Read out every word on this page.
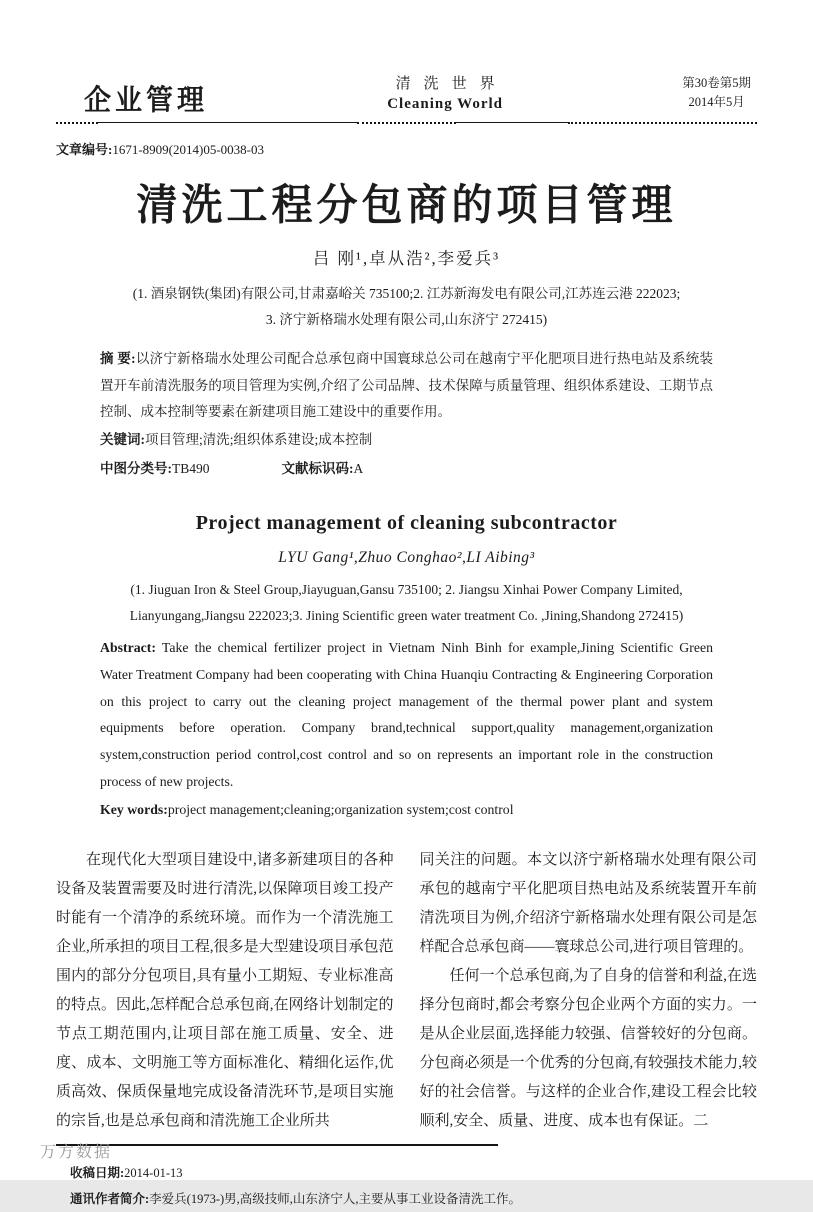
企业管理
清洗世界
Cleaning World
第30卷第5期
2014年5月
文章编号:1671-8909(2014)05-0038-03
清洗工程分包商的项目管理
吕 刚¹,卓从浩²,李爱兵³
(1. 酒泉钢铁(集团)有限公司,甘肃嘉峪关 735100;2. 江苏新海发电有限公司,江苏连云港 222023;
3. 济宁新格瑞水处理有限公司,山东济宁 272415)
摘 要:以济宁新格瑞水处理公司配合总承包商中国寰球总公司在越南宁平化肥项目进行热电站及系统装置开车前清洗服务的项目管理为实例,介绍了公司品牌、技术保障与质量管理、组织体系建设、工期节点控制、成本控制等要素在新建项目施工建设中的重要作用。
关键词:项目管理;清洗;组织体系建设;成本控制
中图分类号:TB490	文献标识码:A
Project management of cleaning subcontractor
LYU Gang¹,Zhuo Conghao²,LI Aibing³
(1. Jiuguan Iron & Steel Group,Jiayuguan,Gansu 735100; 2. Jiangsu Xinhai Power Company Limited, Lianyungang,Jiangsu 222023;3. Jining Scientific green water treatment Co. ,Jining,Shandong 272415)
Abstract: Take the chemical fertilizer project in Vietnam Ninh Binh for example,Jining Scientific Green Water Treatment Company had been cooperating with China Huanqiu Contracting & Engineering Corporation on this project to carry out the cleaning project management of the thermal power plant and system equipments before operation. Company brand,technical support,quality management,organization system,construction period control,cost control and so on represents an important role in the construction process of new projects.
Key words:project management;cleaning;organization system;cost control

在现代化大型项目建设中,诸多新建项目的各种设备及装置需要及时进行清洗,以保障项目竣工投产时能有一个清净的系统环境。而作为一个清洗施工企业,所承担的项目工程,很多是大型建设项目承包范围内的部分分包项目,具有量小工期短、专业标准高的特点。因此,怎样配合总承包商,在网络计划制定的节点工期范围内,让项目部在施工质量、安全、进度、成本、文明施工等方面标准化、精细化运作,优质高效、保质保量地完成设备清洗环节,是项目实施的宗旨,也是总承包商和清洗施工企业所共

同关注的问题。本文以济宁新格瑞水处理有限公司承包的越南宁平化肥项目热电站及系统装置开车前清洗项目为例,介绍济宁新格瑞水处理有限公司是怎样配合总承包商——寰球总公司,进行项目管理的。

任何一个总承包商,为了自身的信誉和利益,在选择分包商时,都会考察分包企业两个方面的实力。一是从企业层面,选择能力较强、信誉较好的分包商。分包商必须是一个优秀的分包商,有较强技术能力,较好的社会信誉。与这样的企业合作,建设工程会比较顺利,安全、质量、进度、成本也有保证。二

收稿日期:2014-01-13
通讯作者简介:李爱兵(1973-)男,高级技师,山东济宁人,主要从事工业设备清洗工作。
万方数据
